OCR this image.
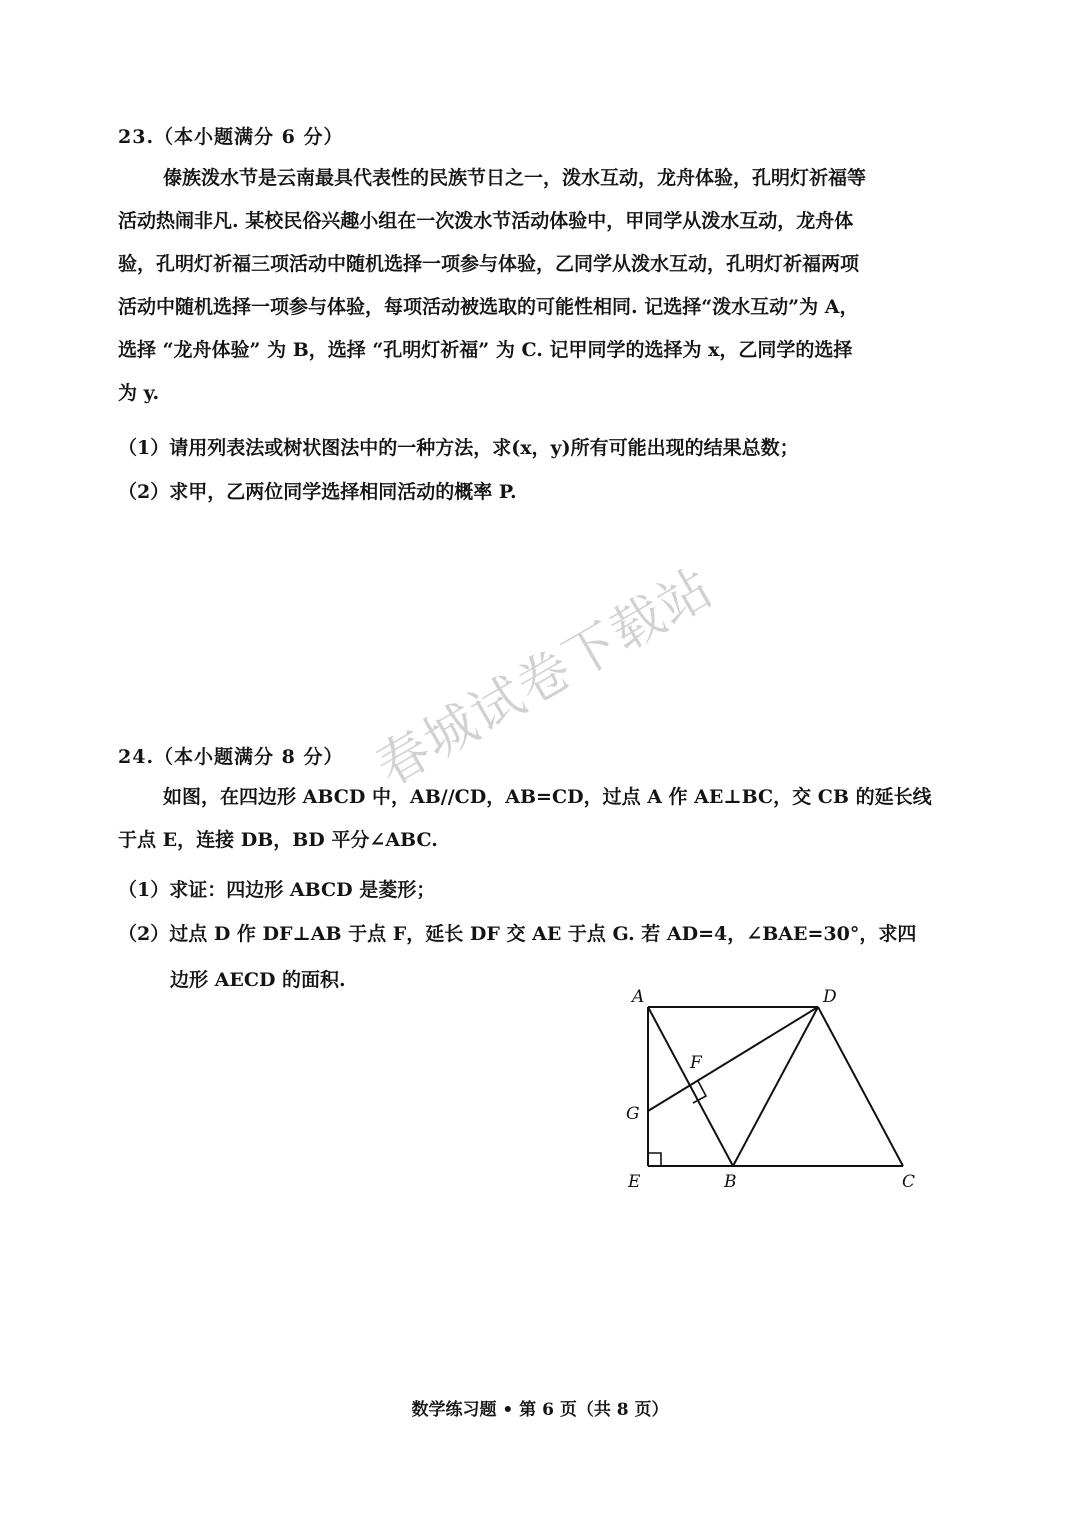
23.（本小题满分 6 分）
傣族泼水节是云南最具代表性的民族节日之一，泼水互动，龙舟体验，孔明灯祈福等
活动热闹非凡. 某校民俗兴趣小组在一次泼水节活动体验中，甲同学从泼水互动，龙舟体
验，孔明灯祈福三项活动中随机选择一项参与体验，乙同学从泼水互动，孔明灯祈福两项
活动中随机选择一项参与体验，每项活动被选取的可能性相同. 记选择“泼水互动”为 A，
选择 “龙舟体验” 为 B，选择 “孔明灯祈福” 为 C. 记甲同学的选择为 x，乙同学的选择
为 y.
（1）请用列表法或树状图法中的一种方法，求(x，y)所有可能出现的结果总数；
（2）求甲，乙两位同学选择相同活动的概率 P.
春城试卷下载站
24.（本小题满分 8 分）
如图，在四边形 ABCD 中，AB//CD，AB=CD，过点 A 作 AE⊥BC，交 CB 的延长线
于点 E，连接 DB，BD 平分∠ABC.
（1）求证：四边形 ABCD 是菱形；
（2）过点 D 作 DF⊥AB 于点 F，延长 DF 交 AE 于点 G. 若 AD=4，∠BAE=30°，求四
边形 AECD 的面积.
A	D
F
G
E	B	C
数学练习题 • 第 6 页（共 8 页）
